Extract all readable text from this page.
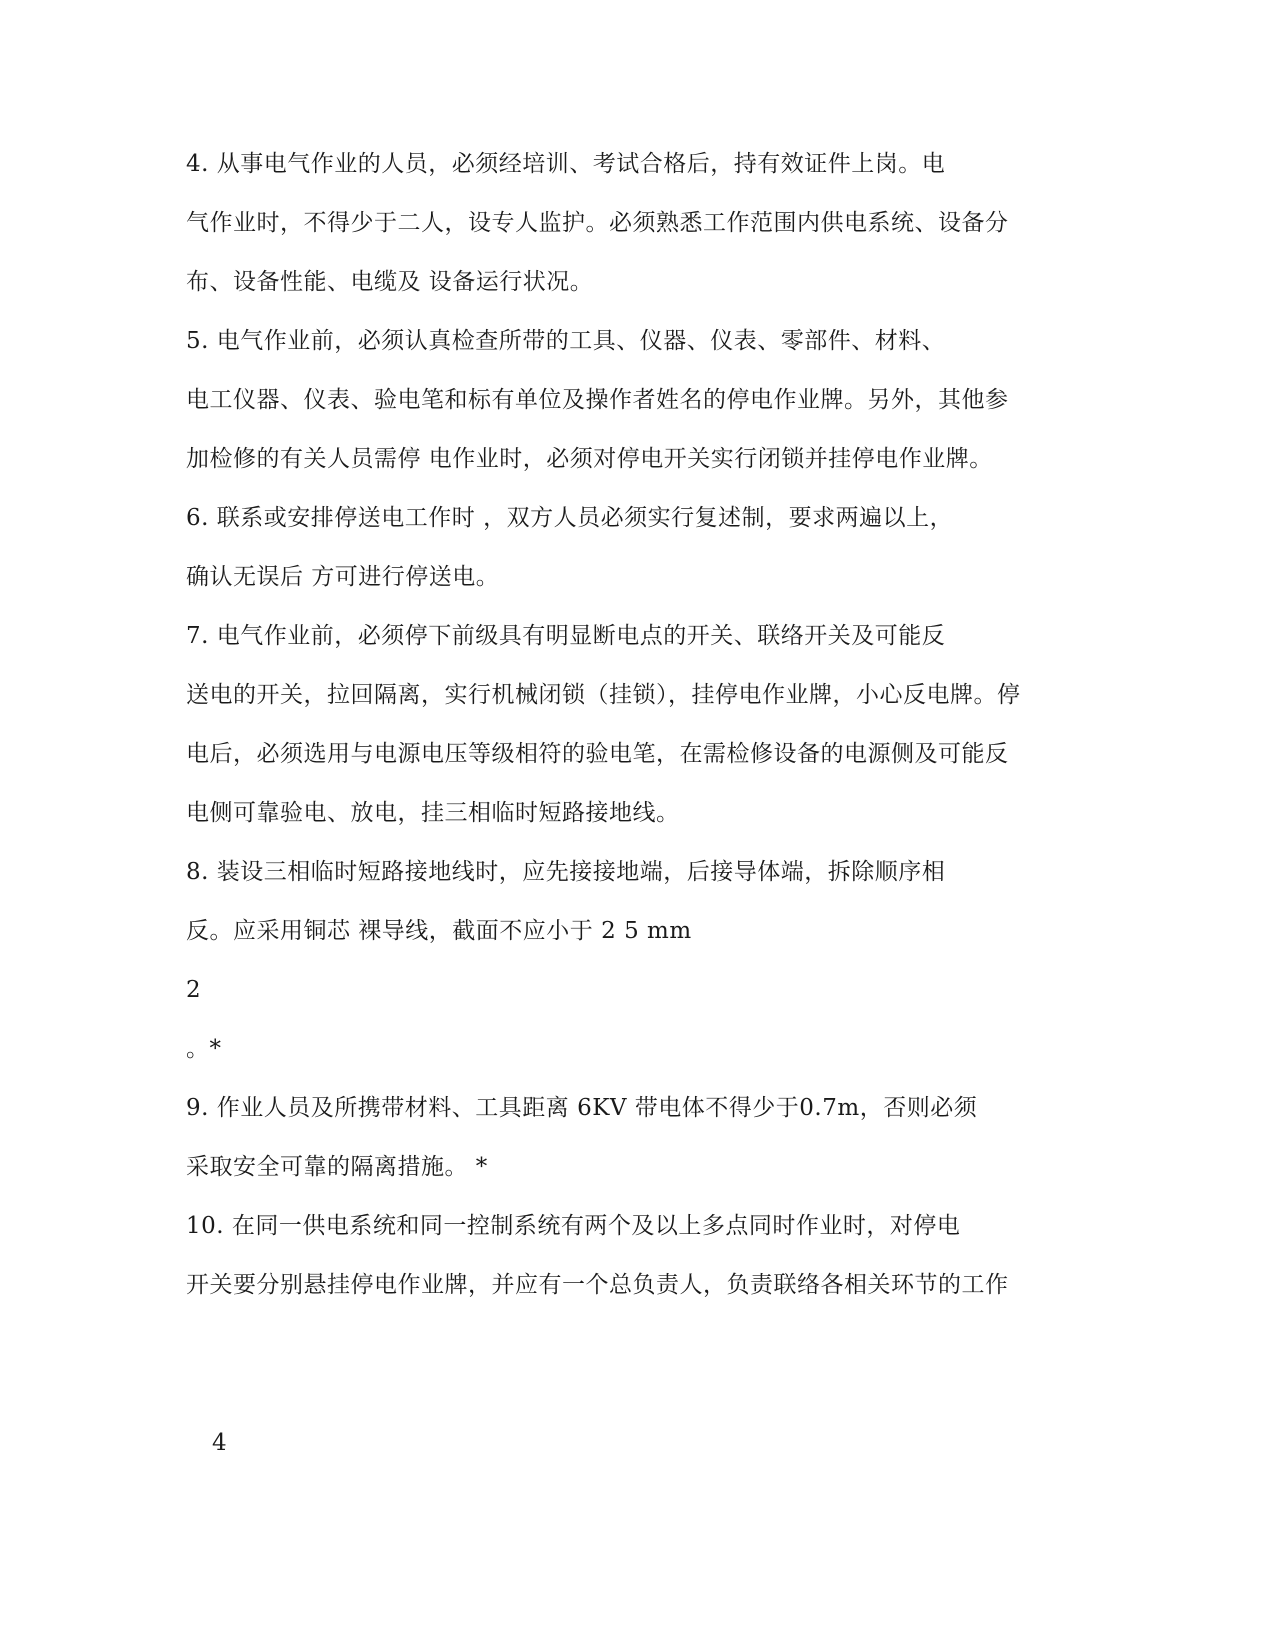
4. 从事电气作业的人员，必须经培训、考试合格后，持有效证件上岗。电
气作业时，不得少于二人，设专人监护。必须熟悉工作范围内供电系统、设备分
布、设备性能、电缆及 设备运行状况。
5. 电气作业前，必须认真检查所带的工具、仪器、仪表、零部件、材料、
电工仪器、仪表、验电笔和标有单位及操作者姓名的停电作业牌。另外，其他参
加检修的有关人员需停 电作业时，必须对停电开关实行闭锁并挂停电作业牌。
6. 联系或安排停送电工作时 ，双方人员必须实行复述制，要求两遍以上，
确认无误后 方可进行停送电。
7. 电气作业前，必须停下前级具有明显断电点的开关、联络开关及可能反
送电的开关，拉回隔离，实行机械闭锁（挂锁），挂停电作业牌，小心反电牌。停
电后，必须选用与电源电压等级相符的验电笔，在需检修设备的电源侧及可能反
电侧可靠验电、放电，挂三相临时短路接地线。
8. 装设三相临时短路接地线时，应先接接地端，后接导体端，拆除顺序相
反。应采用铜芯 裸导线，截面不应小于 2 5 mm
2
。*
9. 作业人员及所携带材料、工具距离 6KV 带电体不得少于0.7m，否则必须
采取安全可靠的隔离措施。 *
10. 在同一供电系统和同一控制系统有两个及以上多点同时作业时，对停电
开关要分别悬挂停电作业牌，并应有一个总负责人，负责联络各相关环节的工作
4
